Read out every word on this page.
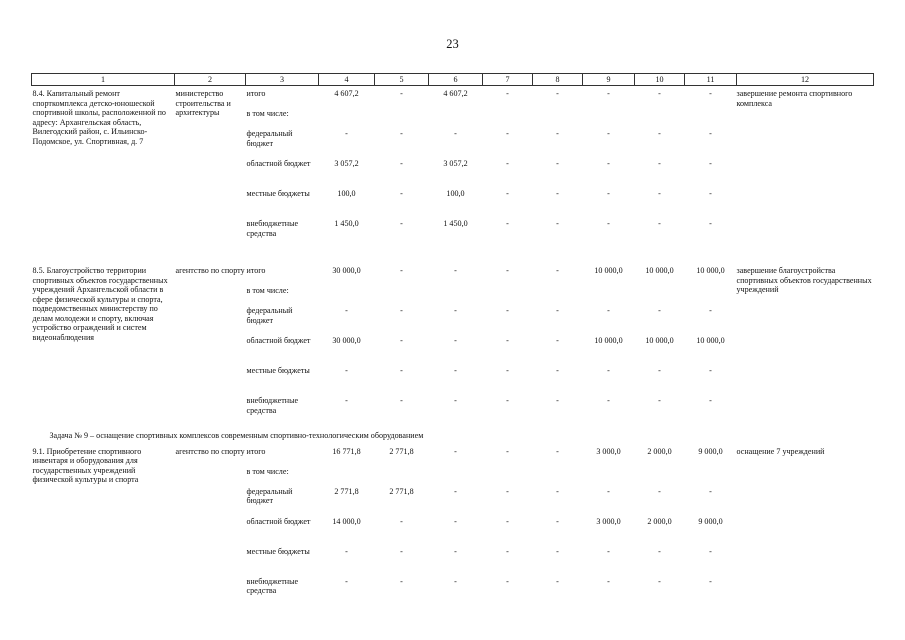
23
1	2	3	4	5	6	7	8	9	10	11	12
8.4. Капитальный ремонт спорткомплекса детско-юношеской спортивной школы, расположенной по адресу: Архангельская область, Вилегодский район, с. Ильинско-Подомское, ул. Спортивная, д. 7	министерство строительства и архитектуры	итого	4 607,2	-	4 607,2	-	-	-	-	-	завершение ремонта спортивного комплекса
		в том числе:									
		федеральный бюджет	-	-	-	-	-	-	-	-	
		областной бюджет	3 057,2	-	3 057,2	-	-	-	-	-	
		местные бюджеты	100,0	-	100,0	-	-	-	-	-	
		внебюджетные средства	1 450,0	-	1 450,0	-	-	-	-	-	

8.5. Благоустройство территории спортивных объектов государственных учреждений Архангельской области в сфере физической культуры и спорта, подведомственных министерству по делам молодежи и спорту, включая устройство ограждений и систем видеонаблюдения	агентство по спорту	итого	30 000,0	-	-	-	-	10 000,0	10 000,0	10 000,0	завершение благоустройства спортивных объектов государственных учреждений
		в том числе:									
		федеральный бюджет	-	-	-	-	-	-	-	-	
		областной бюджет	30 000,0	-	-	-	-	10 000,0	10 000,0	10 000,0	
		местные бюджеты	-	-	-	-	-	-	-	-	
		внебюджетные средства	-	-	-	-	-	-	-	-	
Задача № 9 – оснащение спортивных комплексов современным спортивно-технологическим оборудованием											
9.1. Приобретение спортивного инвентаря и оборудования для государственных учреждений физической культуры и спорта	агентство по спорту	итого	16 771,8	2 771,8	-	-	-	3 000,0	2 000,0	9 000,0	оснащение 7 учреждений
		в том числе:									
		федеральный бюджет	2 771,8	2 771,8	-	-	-	-	-	-	
		областной бюджет	14 000,0	-	-	-	-	3 000,0	2 000,0	9 000,0	
		местные бюджеты	-	-	-	-	-	-	-	-	
		внебюджетные средства	-	-	-	-	-	-	-	-	
